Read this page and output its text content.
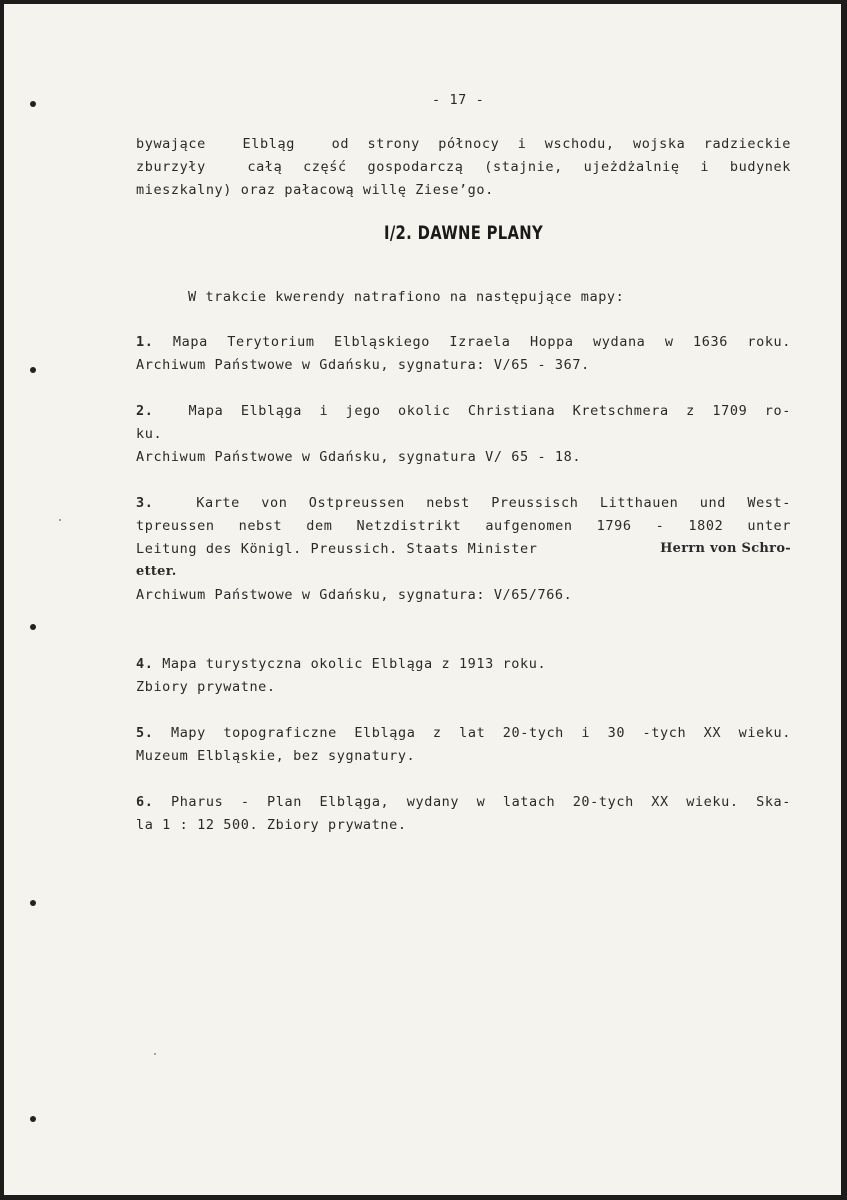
- 17 -
bywające  Elbląg  od strony północy i wschodu, wojska radzieckie
zburzyły  całą część gospodarczą (stajnie, ujeżdżalnię i budynek
mieszkalny) oraz pałacową willę Ziese’go.
I/2. DAWNE PLANY
W trakcie kwerendy natrafiono na następujące mapy:
1. Mapa Terytorium Elbląskiego Izraela Hoppa wydana w 1636 roku.
Archiwum Państwowe w Gdańsku, sygnatura: V/65 - 367.
2.	Mapa Elbląga i jego okolic Christiana Kretschmera z 1709 ro-
ku.
Archiwum Państwowe w Gdańsku, sygnatura V/ 65 - 18.
3.	Karte von Ostpreussen nebst Preussisch Litthauen und West-
tpreussen nebst dem Netzdistrikt aufgenomen 1796 - 1802 unter
Leitung des Königl. Preussich. Staats Minister	Herrn von Schro-
etter.
Archiwum Państwowe w Gdańsku, sygnatura: V/65/766.
4. Mapa turystyczna okolic Elbląga z 1913 roku.
Zbiory prywatne.
5. Mapy topograficzne Elbląga z lat 20-tych i 30 -tych XX wieku.
Muzeum Elbląskie, bez sygnatury.
6. Pharus - Plan Elbląga, wydany w latach 20-tych XX wieku. Ska-
la 1 : 12 500. Zbiory prywatne.
